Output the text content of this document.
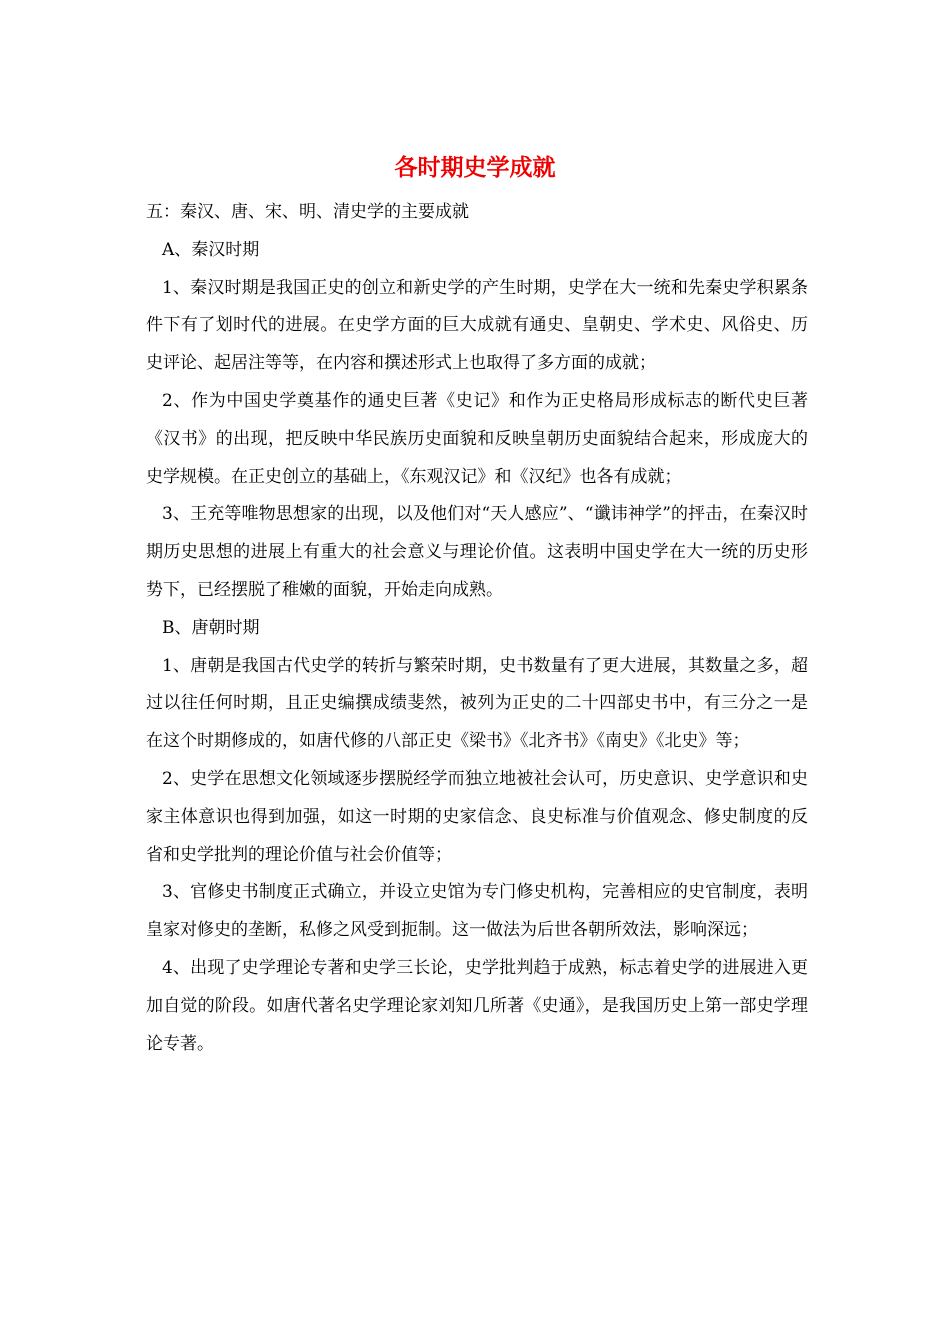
各时期史学成就

五：秦汉、唐、宋、明、清史学的主要成就

A、秦汉时期

1、秦汉时期是我国正史的创立和新史学的产生时期，史学在大一统和先秦史学积累条件下有了划时代的进展。在史学方面的巨大成就有通史、皇朝史、学术史、风俗史、历史评论、起居注等等，在内容和撰述形式上也取得了多方面的成就；

2、作为中国史学奠基作的通史巨著《史记》和作为正史格局形成标志的断代史巨著《汉书》的出现，把反映中华民族历史面貌和反映皇朝历史面貌结合起来，形成庞大的史学规模。在正史创立的基础上，《东观汉记》和《汉纪》也各有成就；

3、王充等唯物思想家的出现，以及他们对“天人感应”、“谶讳神学”的抨击，在秦汉时期历史思想的进展上有重大的社会意义与理论价值。这表明中国史学在大一统的历史形势下，已经摆脱了稚嫩的面貌，开始走向成熟。

B、唐朝时期

1、唐朝是我国古代史学的转折与繁荣时期，史书数量有了更大进展，其数量之多，超过以往任何时期，且正史编撰成绩斐然，被列为正史的二十四部史书中，有三分之一是在这个时期修成的，如唐代修的八部正史《梁书》《北齐书》《南史》《北史》等；

2、史学在思想文化领域逐步摆脱经学而独立地被社会认可，历史意识、史学意识和史家主体意识也得到加强，如这一时期的史家信念、良史标准与价值观念、修史制度的反省和史学批判的理论价值与社会价值等；

3、官修史书制度正式确立，并设立史馆为专门修史机构，完善相应的史官制度，表明皇家对修史的垄断，私修之风受到扼制。这一做法为后世各朝所效法，影响深远；

4、出现了史学理论专著和史学三长论，史学批判趋于成熟，标志着史学的进展进入更加自觉的阶段。如唐代著名史学理论家刘知几所著《史通》，是我国历史上第一部史学理论专著。
